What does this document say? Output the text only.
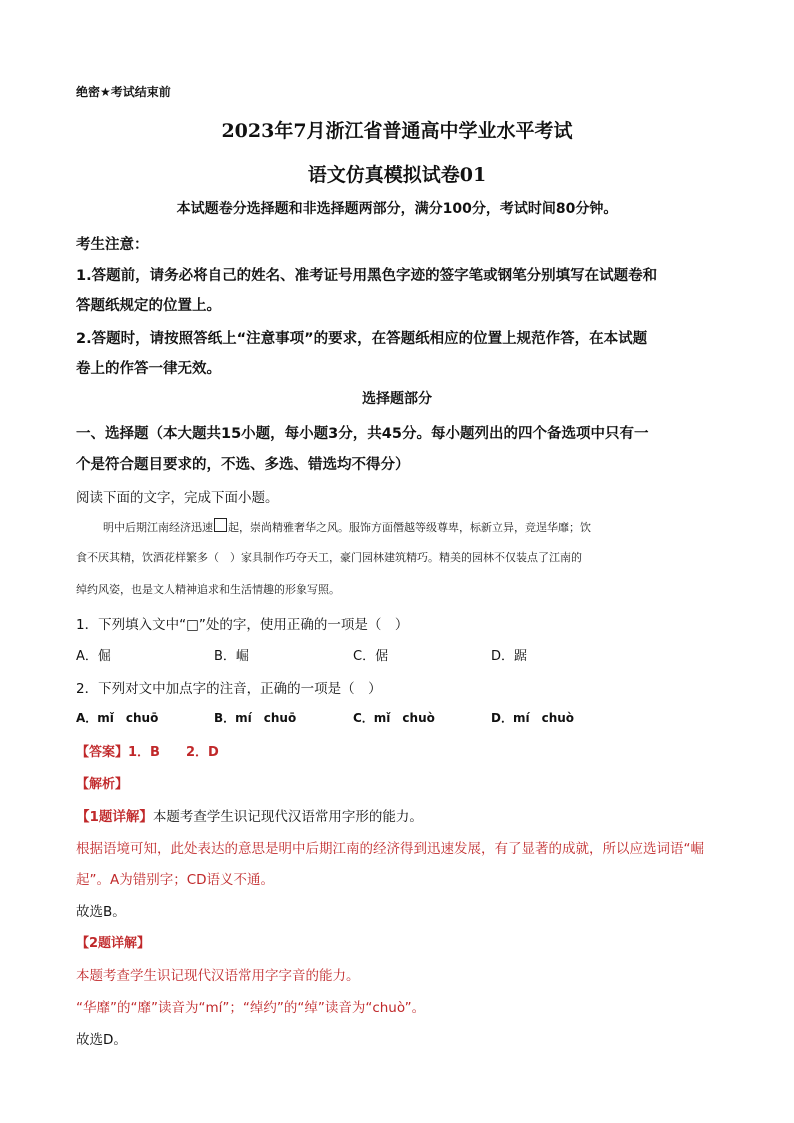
绝密★考试结束前
2023年7月浙江省普通高中学业水平考试
语文仿真模拟试卷01
本试题卷分选择题和非选择题两部分，满分100分，考试时间80分钟。
考生注意：
1.答题前，请务必将自己的姓名、准考证号用黑色字迹的签字笔或钢笔分别填写在试题卷和
答题纸规定的位置上。
2.答题时，请按照答纸上“注意事项”的要求，在答题纸相应的位置上规范作答，在本试题
卷上的作答一律无效。
选择题部分
一、选择题（本大题共15小题，每小题3分，共45分。每小题列出的四个备选项中只有一
个是符合题目要求的，不选、多选、错选均不得分）
阅读下面的文字，完成下面小题。
明中后期江南经济迅速 起，崇尚精雅奢华之风。服饰方面僭越等级尊卑，标新立异，竞逞华靡；饮
食不厌其精，饮酒花样繁多（　）家具制作巧夺天工，豪门园林建筑精巧。精美的园林不仅装点了江南的
绰约风姿，也是文人精神追求和生活情趣的形象写照。
1．下列填入文中“□”处的字，使用正确的一项是（　）
A．倔	B．崛	C．倨	D．踞
2．下列对文中加点字的注音，正确的一项是（　）
A．mǐ　chuō	B．mí　chuō	C．mǐ　chuò	D．mí　chuò
【答案】1．B　　2．D
【解析】
【1题详解】本题考查学生识记现代汉语常用字形的能力。
根据语境可知，此处表达的意思是明中后期江南的经济得到迅速发展，有了显著的成就，所以应选词语“崛
起”。A为错别字；CD语义不通。
故选B。
【2题详解】
本题考查学生识记现代汉语常用字字音的能力。
“华靡”的“靡”读音为“mí”；“绰约”的“绰”读音为“chuò”。
故选D。
